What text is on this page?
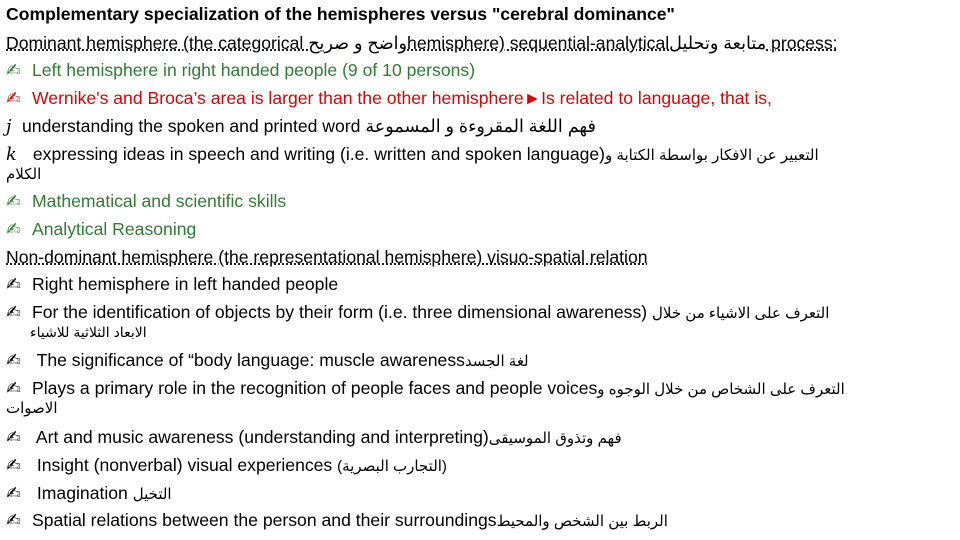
Complementary specialization of the hemispheres versus "cerebral dominance"
Dominant hemisphere (the categorical واضح و صريحhemisphere) sequential-analyticalمتابعة وتحليل process:
✍ Left hemisphere in right handed people (9 of 10 persons)
✍ Wernike's and Broca’s area is larger than the other hemisphere►Is related to language, that is,
j understanding the spoken and printed word فهم اللغة المقروءة و المسموعة
k expressing ideas in speech and writing (i.e. written and spoken language)التعبير عن الافكار بواسطة الكتابة و
الكلام
✍ Mathematical and scientific skills
✍ Analytical Reasoning
Non-dominant hemisphere (the representational hemisphere) visuo-spatial relation
✍ Right hemisphere in left handed people
✍ For the identification of objects by their form (i.e. three dimensional awareness) التعرف على الاشياء من خلال
الابعاد الثلاثية للاشياء
✍ The significance of “body language: muscle awarenessلغة الجسد
✍ Plays a primary role in the recognition of people faces and people voicesالتعرف على الشخاص من خلال الوجوه و
الاصوات
✍ Art and music awareness (understanding and interpreting)فهم وتذوق الموسيقى
✍ Insight (nonverbal) visual experiences (التجارب البصرية)
✍ Imagination التخيل
✍ Spatial relations between the person and their surroundingsالربط بين الشخص والمحيط
